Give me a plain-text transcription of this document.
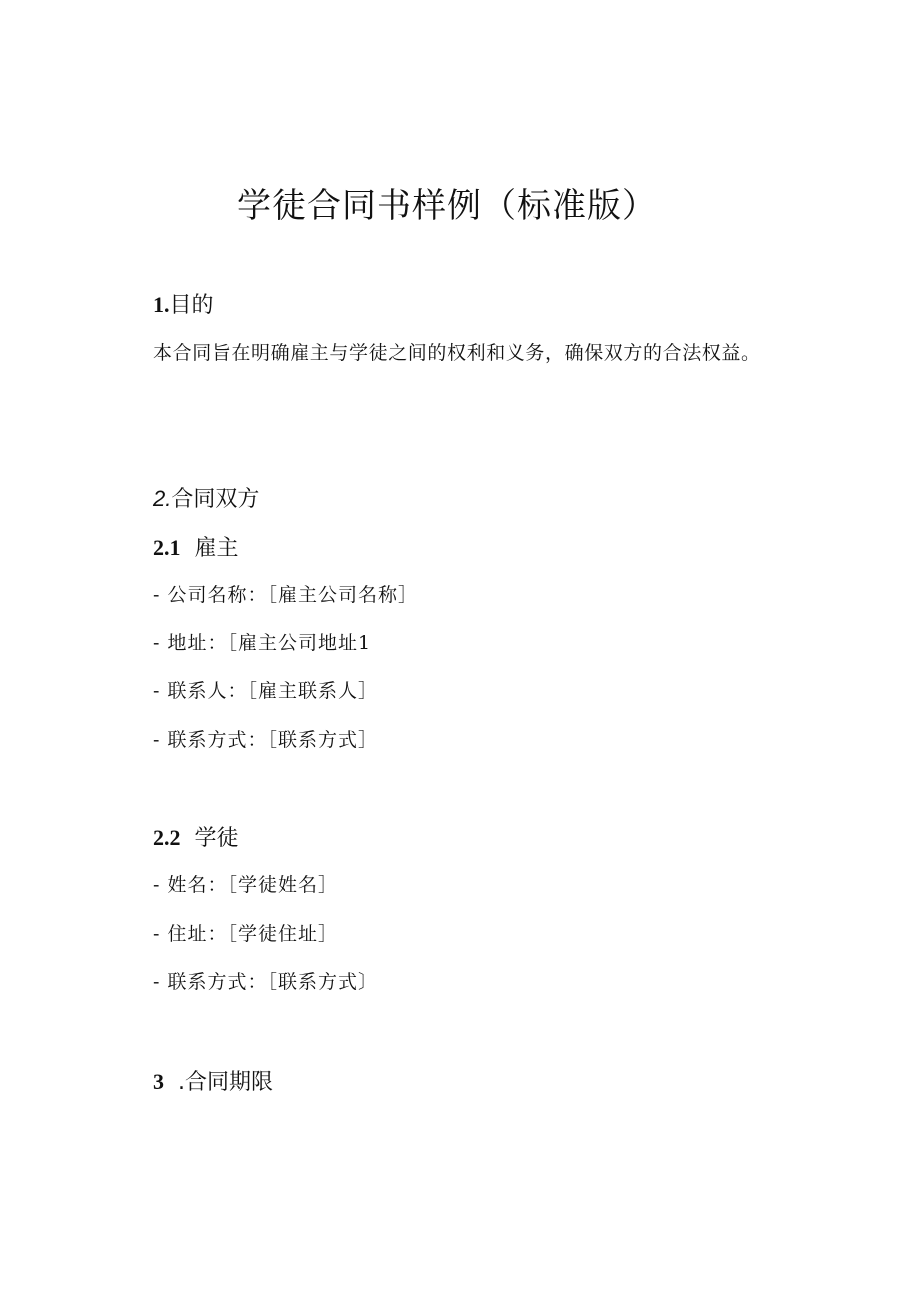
学徒合同书样例（标准版）
1.目的

本合同旨在明确雇主与学徒之间的权利和义务，确保双方的合法权益。

2.合同双方
2.1 雇主

- 公司名称：［雇主公司名称］

- 地址：［雇主公司地址1

- 联系人：［雇主联系人］

- 联系方式：［联系方式］

2.2 学徒

- 姓名：［学徒姓名］

- 住址：［学徒住址］

- 联系方式：［联系方式〕

3 .合同期限
